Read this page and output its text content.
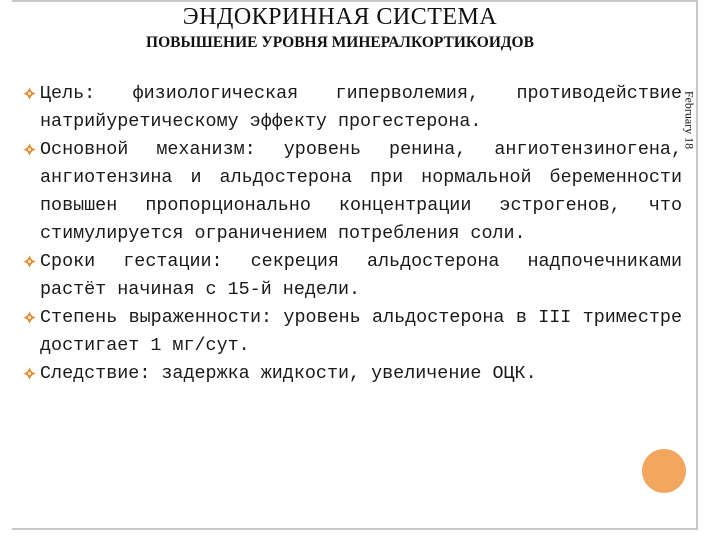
ЭНДОКРИННАЯ СИСТЕМА
ПОВЫШЕНИЕ УРОВНЯ МИНЕРАЛКОРТИКОИДОВ
February 18
Цель: физиологическая гиперволемия, противодействие натрийуретическому эффекту прогестерона.
Основной механизм: уровень ренина, ангиотензиногена, ангиотензина и альдостерона при нормальной беременности повышен пропорционально концентрации эстрогенов, что стимулируется ограничением потребления соли.
Сроки гестации: секреция альдостерона надпочечниками растёт начиная с 15-й недели.
Степень выраженности: уровень альдостерона в III триместре достигает 1 мг/сут.
Следствие: задержка жидкости, увеличение ОЦК.
